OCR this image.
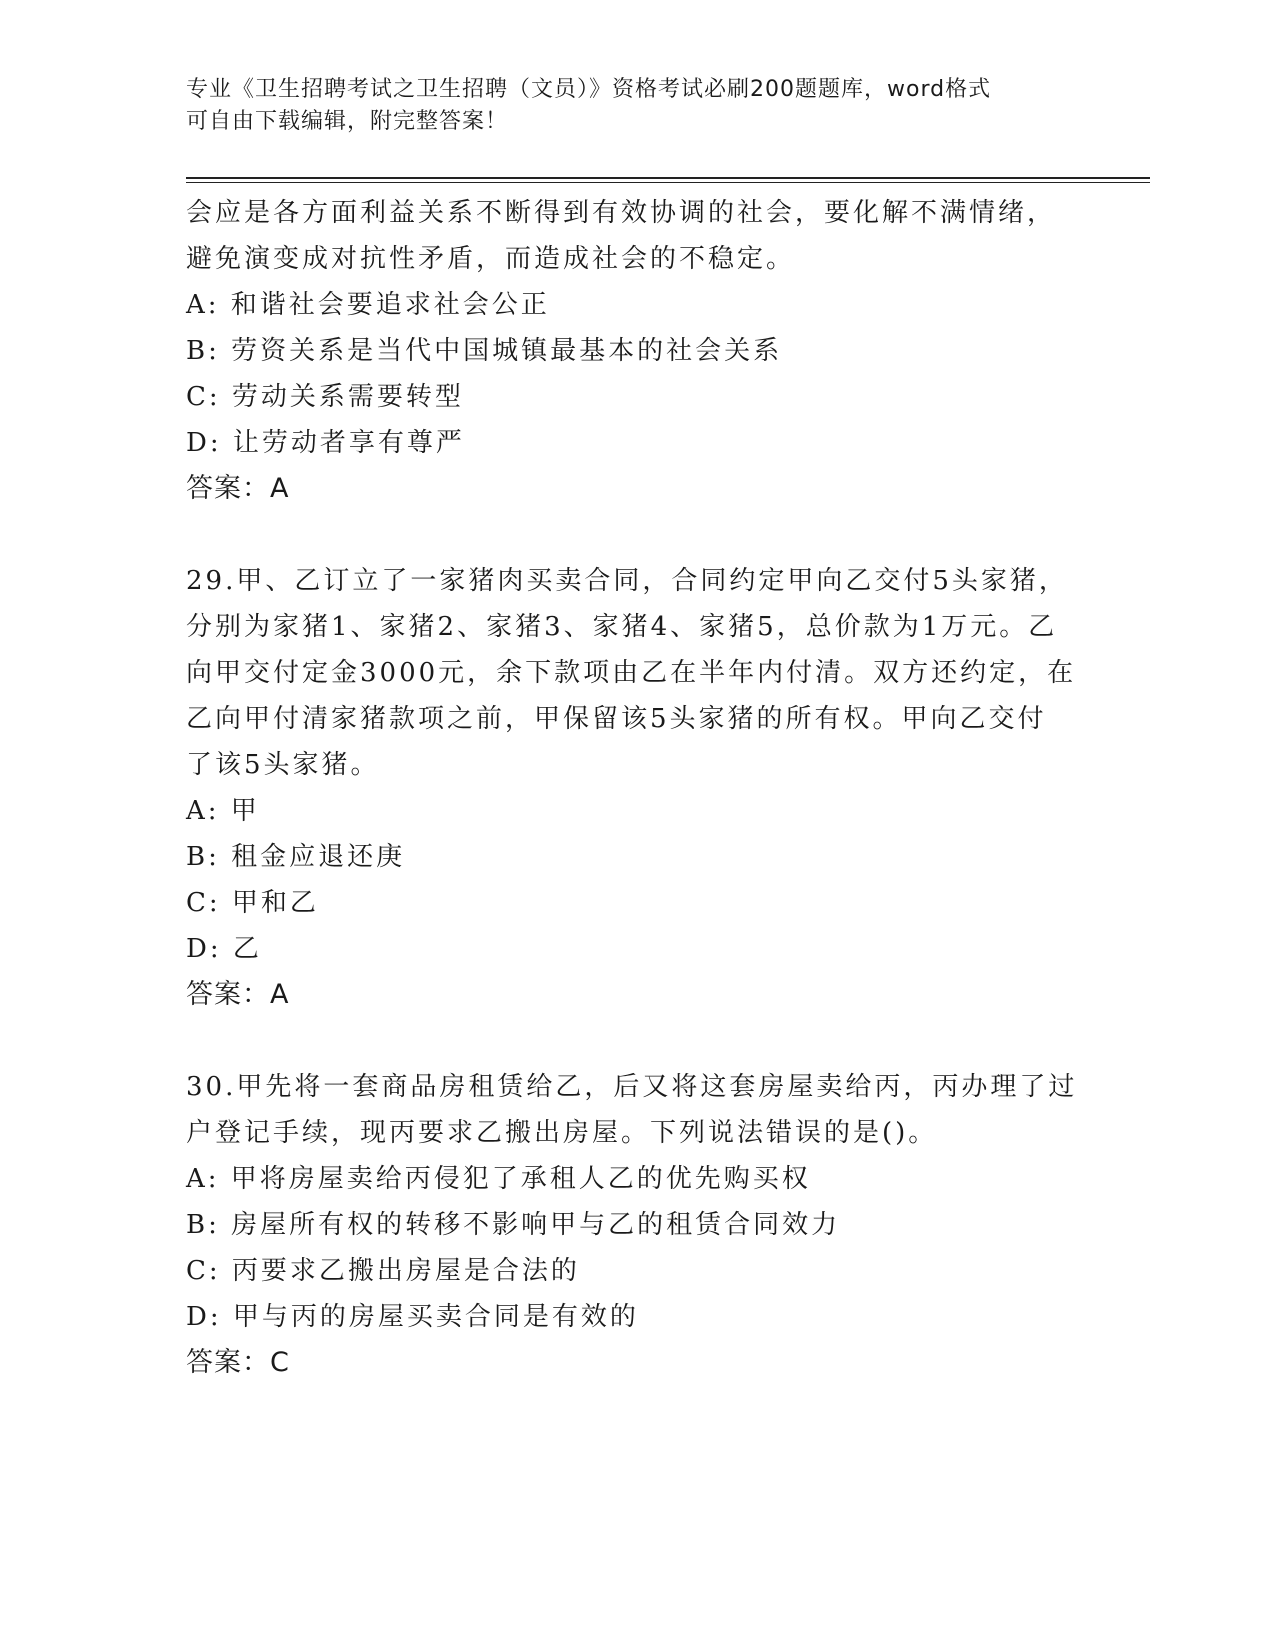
专业《卫生招聘考试之卫生招聘（文员）》资格考试必刷200题题库，word格式
可自由下载编辑，附完整答案！
会应是各方面利益关系不断得到有效协调的社会，要化解不满情绪，
避免演变成对抗性矛盾，而造成社会的不稳定。
A: 和谐社会要追求社会公正
B: 劳资关系是当代中国城镇最基本的社会关系
C: 劳动关系需要转型
D: 让劳动者享有尊严
答案：A
29.甲、乙订立了一家猪肉买卖合同，合同约定甲向乙交付5头家猪，
分别为家猪1、家猪2、家猪3、家猪4、家猪5，总价款为1万元。乙
向甲交付定金3000元，余下款项由乙在半年内付清。双方还约定，在
乙向甲付清家猪款项之前，甲保留该5头家猪的所有权。甲向乙交付
了该5头家猪。
A: 甲
B: 租金应退还庚
C: 甲和乙
D: 乙
答案：A
30.甲先将一套商品房租赁给乙，后又将这套房屋卖给丙，丙办理了过
户登记手续，现丙要求乙搬出房屋。下列说法错误的是()。
A: 甲将房屋卖给丙侵犯了承租人乙的优先购买权
B: 房屋所有权的转移不影响甲与乙的租赁合同效力
C: 丙要求乙搬出房屋是合法的
D: 甲与丙的房屋买卖合同是有效的
答案：C
